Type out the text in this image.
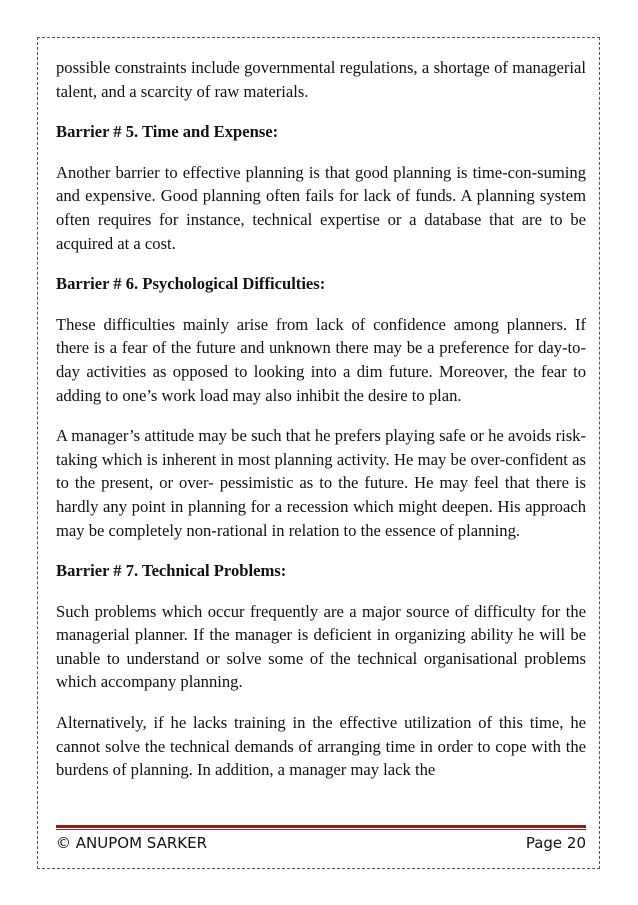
possible constraints include governmental regulations, a shortage of managerial talent, and a scarcity of raw materials.

Barrier # 5. Time and Expense:

Another barrier to effective planning is that good planning is time-con-suming and expensive. Good planning often fails for lack of funds. A planning system often requires for instance, technical expertise or a database that are to be acquired at a cost.

Barrier # 6. Psychological Difficulties:

These difficulties mainly arise from lack of confidence among planners. If there is a fear of the future and unknown there may be a preference for day-to-day activities as opposed to looking into a dim future. Moreover, the fear to adding to one’s work load may also inhibit the desire to plan.

A manager’s attitude may be such that he prefers playing safe or he avoids risk-taking which is inherent in most planning activity. He may be over-confident as to the present, or over- pessimistic as to the future. He may feel that there is hardly any point in planning for a recession which might deepen. His approach may be completely non-rational in relation to the essence of planning.

Barrier # 7. Technical Problems:

Such problems which occur frequently are a major source of difficulty for the managerial planner. If the manager is deficient in organizing ability he will be unable to understand or solve some of the technical organisational problems which accompany planning.

Alternatively, if he lacks training in the effective utilization of this time, he cannot solve the technical demands of arranging time in order to cope with the burdens of planning. In addition, a manager may lack the

© ANUPOM SARKER	Page 20
